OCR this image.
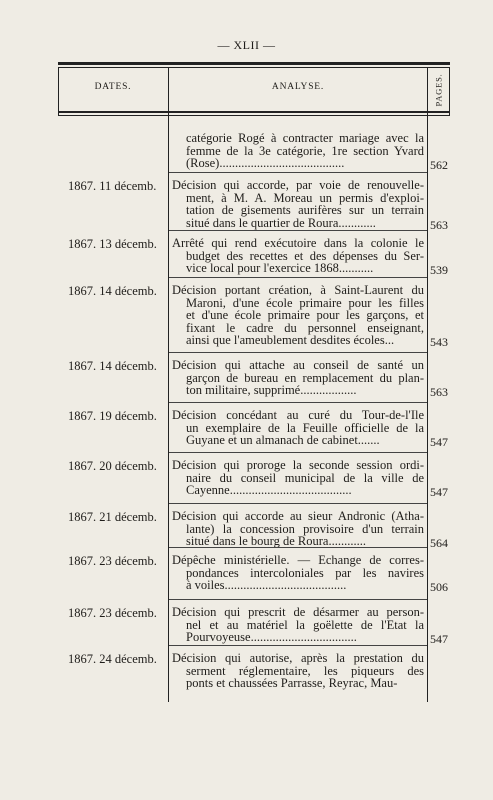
— XLII —
DATES.	ANALYSE.	PAGES.
catégorie Rogé à contracter mariage avec la
femme de la 3e catégorie, 1re section Yvard
(Rose)........................................	562
1867. 11 décemb.	Décision qui accorde, par voie de renouvelle-
ment, à M. A. Moreau un permis d'exploi-
tation de gisements aurifères sur un terrain
situé dans le quartier de Roura............	563
1867. 13 décemb.	Arrêté qui rend exécutoire dans la colonie le
budget des recettes et des dépenses du Ser-
vice local pour l'exercice 1868...........	539
1867. 14 décemb.	Décision portant création, à Saint-Laurent du
Maroni, d'une école primaire pour les filles
et d'une école primaire pour les garçons, et
fixant le cadre du personnel enseignant,
ainsi que l'ameublement desdites écoles...	543
1867. 14 décemb.	Décision qui attache au conseil de santé un
garçon de bureau en remplacement du plan-
ton militaire, supprimé..................	563
1867. 19 décemb.	Décision concédant au curé du Tour-de-l'Ile
un exemplaire de la Feuille officielle de la
Guyane et un almanach de cabinet.......	547
1867. 20 décemb.	Décision qui proroge la seconde session ordi-
naire du conseil municipal de la ville de
Cayenne.......................................	547
1867. 21 décemb.	Décision qui accorde au sieur Andronic (Atha-
lante) la concession provisoire d'un terrain
situé dans le bourg de Roura............	564
1867. 23 décemb.	Dépêche ministérielle. — Echange de corres-
pondances intercoloniales par les navires
à voiles.......................................	506
1867. 23 décemb.	Décision qui prescrit de désarmer au person-
nel et au matériel la goëlette de l'Etat la
Pourvoyeuse..................................	547
1867. 24 décemb.	Décision qui autorise, après la prestation du
serment réglementaire, les piqueurs des
ponts et chaussées Parrasse, Reyrac, Mau-
